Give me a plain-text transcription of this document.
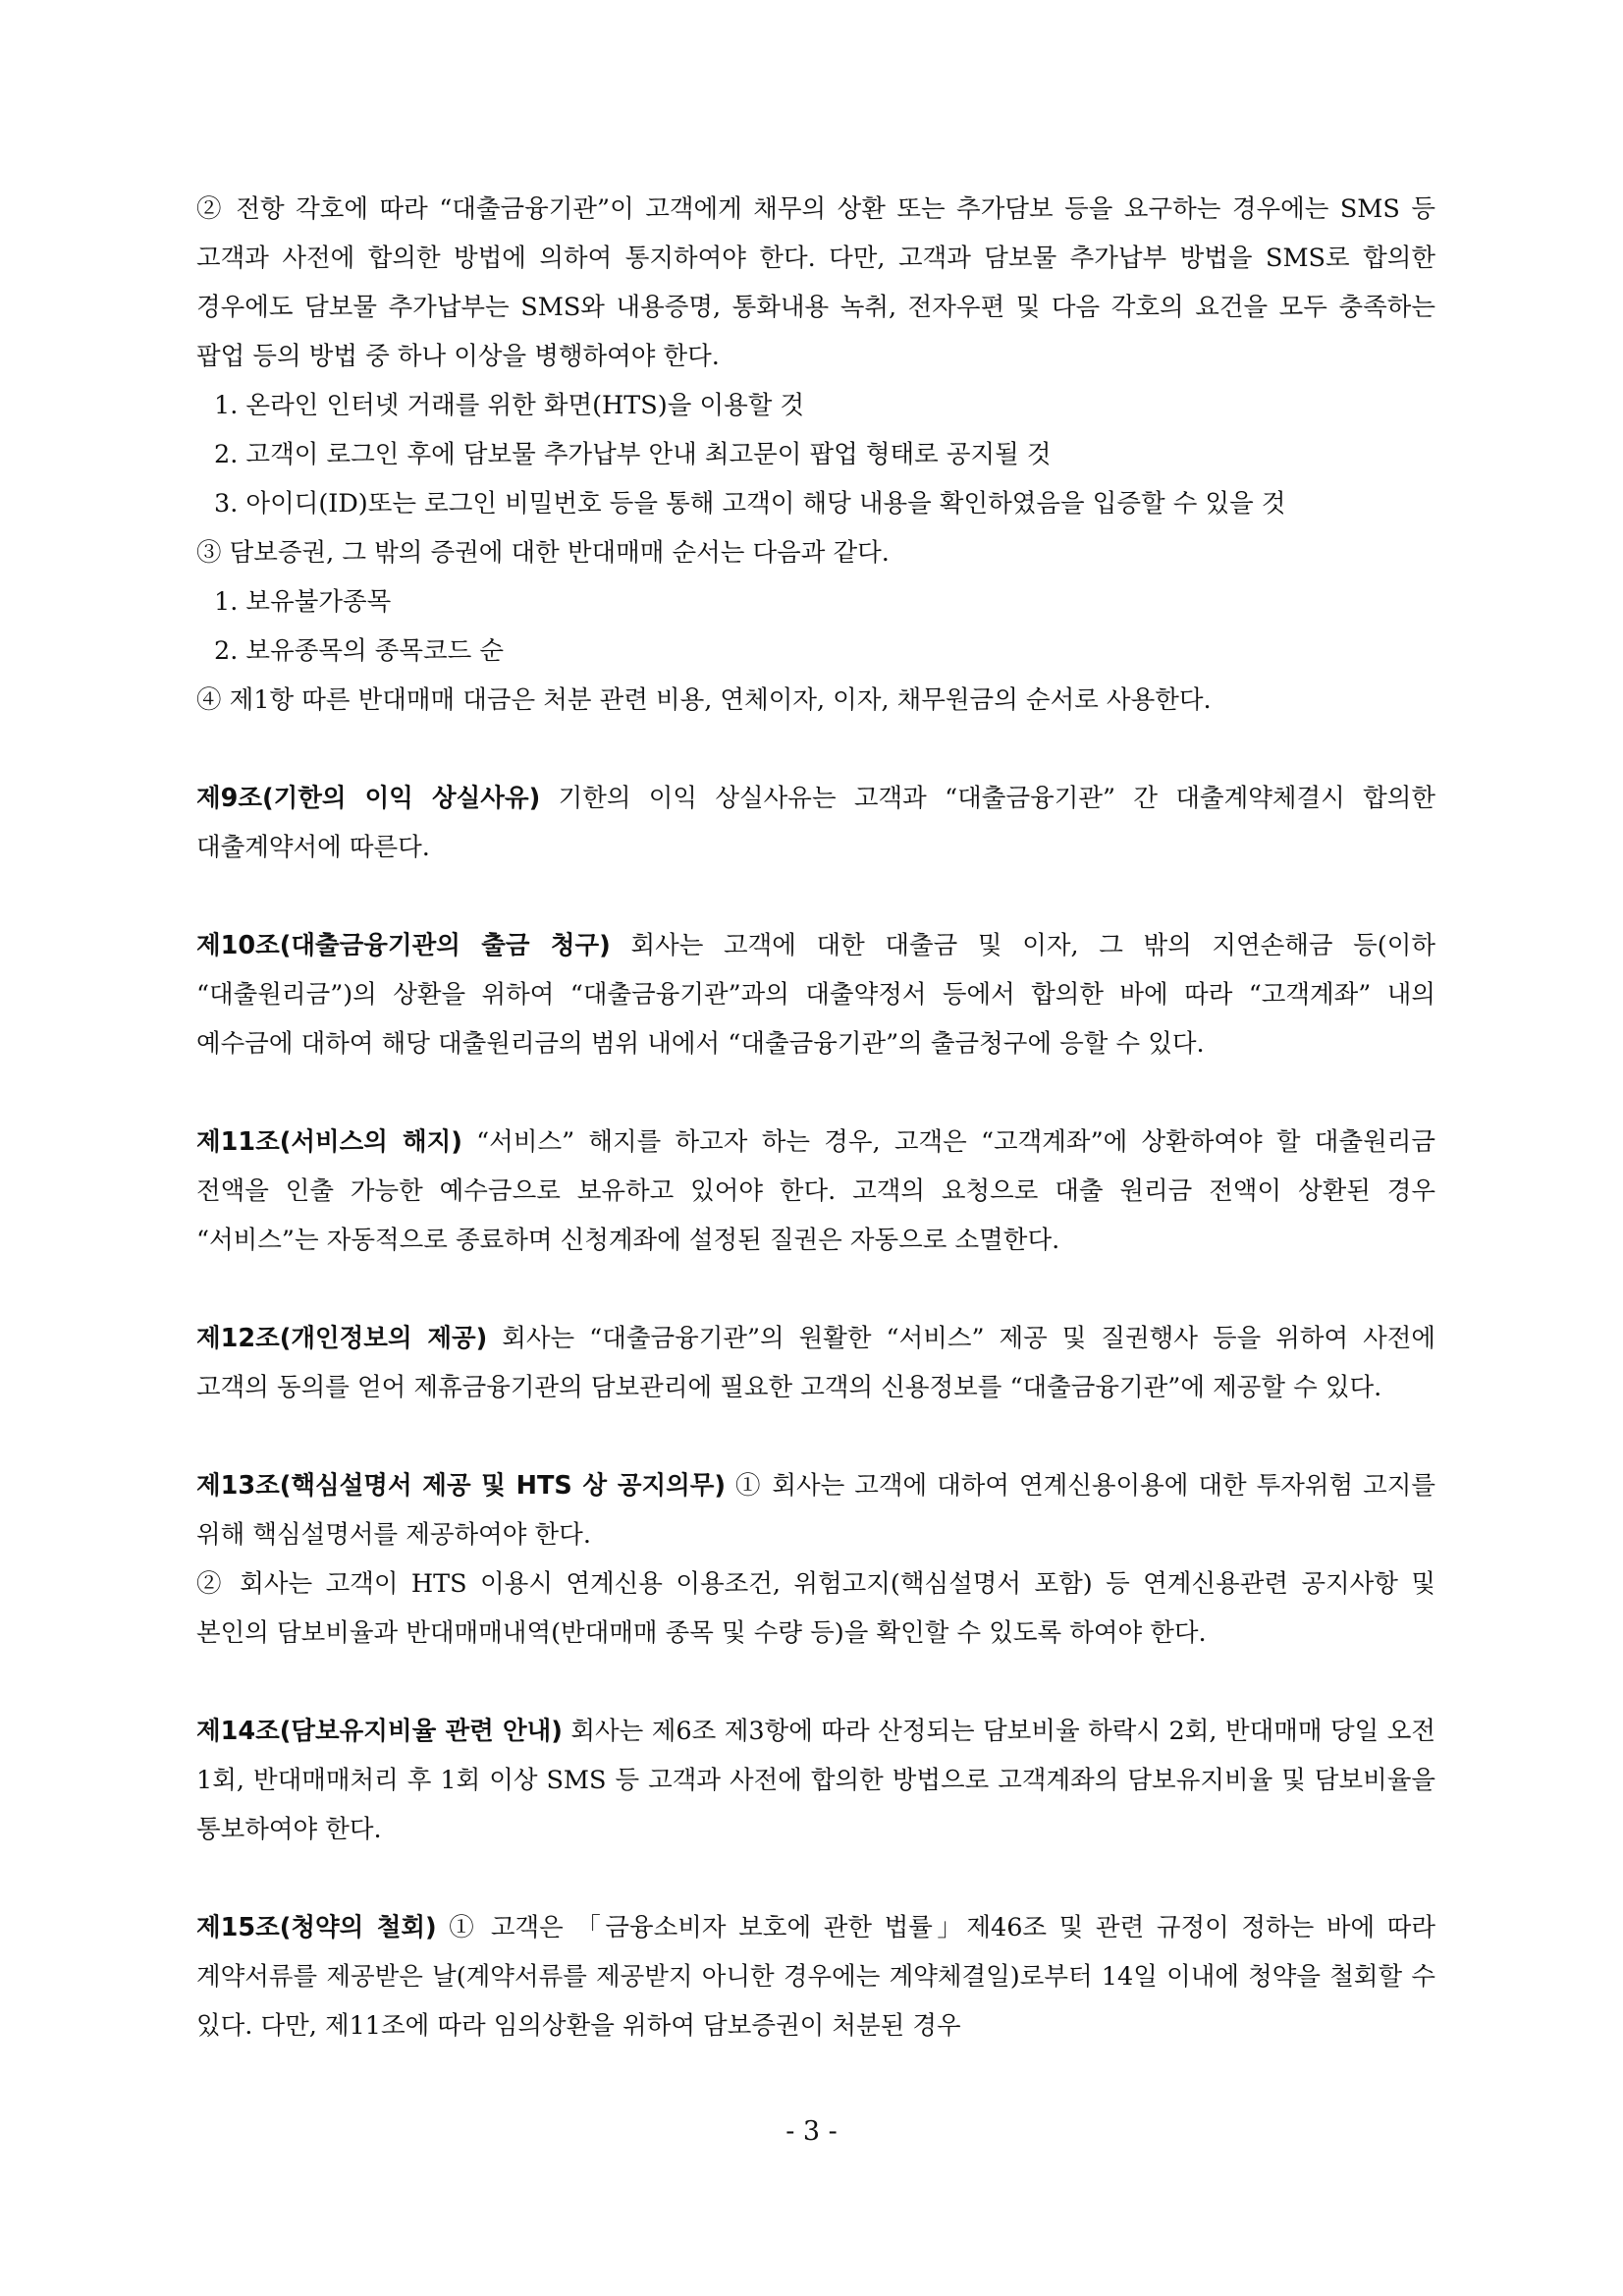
② 전항 각호에 따라 “대출금융기관”이 고객에게 채무의 상환 또는 추가담보 등을 요구하는 경우에는 SMS 등 고객과 사전에 합의한 방법에 의하여 통지하여야 한다. 다만, 고객과 담보물 추가납부 방법을 SMS로 합의한 경우에도 담보물 추가납부는 SMS와 내용증명, 통화내용 녹취, 전자우편 및 다음 각호의 요건을 모두 충족하는 팝업 등의 방법 중 하나 이상을 병행하여야 한다.

1. 온라인 인터넷 거래를 위한 화면(HTS)을 이용할 것

2. 고객이 로그인 후에 담보물 추가납부 안내 최고문이 팝업 형태로 공지될 것

3. 아이디(ID)또는 로그인 비밀번호 등을 통해 고객이 해당 내용을 확인하였음을 입증할 수 있을 것

③ 담보증권, 그 밖의 증권에 대한 반대매매 순서는 다음과 같다.

1. 보유불가종목

2. 보유종목의 종목코드 순

④ 제1항 따른 반대매매 대금은 처분 관련 비용, 연체이자, 이자, 채무원금의 순서로 사용한다.

제9조(기한의 이익 상실사유) 기한의 이익 상실사유는 고객과 “대출금융기관” 간 대출계약체결시 합의한 대출계약서에 따른다.

제10조(대출금융기관의 출금 청구) 회사는 고객에 대한 대출금 및 이자, 그 밖의 지연손해금 등(이하 “대출원리금”)의 상환을 위하여 “대출금융기관”과의 대출약정서 등에서 합의한 바에 따라 “고객계좌” 내의 예수금에 대하여 해당 대출원리금의 범위 내에서 “대출금융기관”의 출금청구에 응할 수 있다.

제11조(서비스의 해지) “서비스” 해지를 하고자 하는 경우, 고객은 “고객계좌”에 상환하여야 할 대출원리금 전액을 인출 가능한 예수금으로 보유하고 있어야 한다. 고객의 요청으로 대출 원리금 전액이 상환된 경우 “서비스”는 자동적으로 종료하며 신청계좌에 설정된 질권은 자동으로 소멸한다.

제12조(개인정보의 제공) 회사는 “대출금융기관”의 원활한 “서비스” 제공 및 질권행사 등을 위하여 사전에 고객의 동의를 얻어 제휴금융기관의 담보관리에 필요한 고객의 신용정보를 “대출금융기관”에 제공할 수 있다.

제13조(핵심설명서 제공 및 HTS 상 공지의무) ① 회사는 고객에 대하여 연계신용이용에 대한 투자위험 고지를 위해 핵심설명서를 제공하여야 한다.

② 회사는 고객이 HTS 이용시 연계신용 이용조건, 위험고지(핵심설명서 포함) 등 연계신용관련 공지사항 및 본인의 담보비율과 반대매매내역(반대매매 종목 및 수량 등)을 확인할 수 있도록 하여야 한다.

제14조(담보유지비율 관련 안내) 회사는 제6조 제3항에 따라 산정되는 담보비율 하락시 2회, 반대매매 당일 오전 1회, 반대매매처리 후 1회 이상 SMS 등 고객과 사전에 합의한 방법으로 고객계좌의 담보유지비율 및 담보비율을 통보하여야 한다.

제15조(청약의 철회) ① 고객은 「금융소비자 보호에 관한 법률」제46조 및 관련 규정이 정하는 바에 따라 계약서류를 제공받은 날(계약서류를 제공받지 아니한 경우에는 계약체결일)로부터 14일 이내에 청약을 철회할 수 있다. 다만, 제11조에 따라 임의상환을 위하여 담보증권이 처분된 경우

- 3 -
